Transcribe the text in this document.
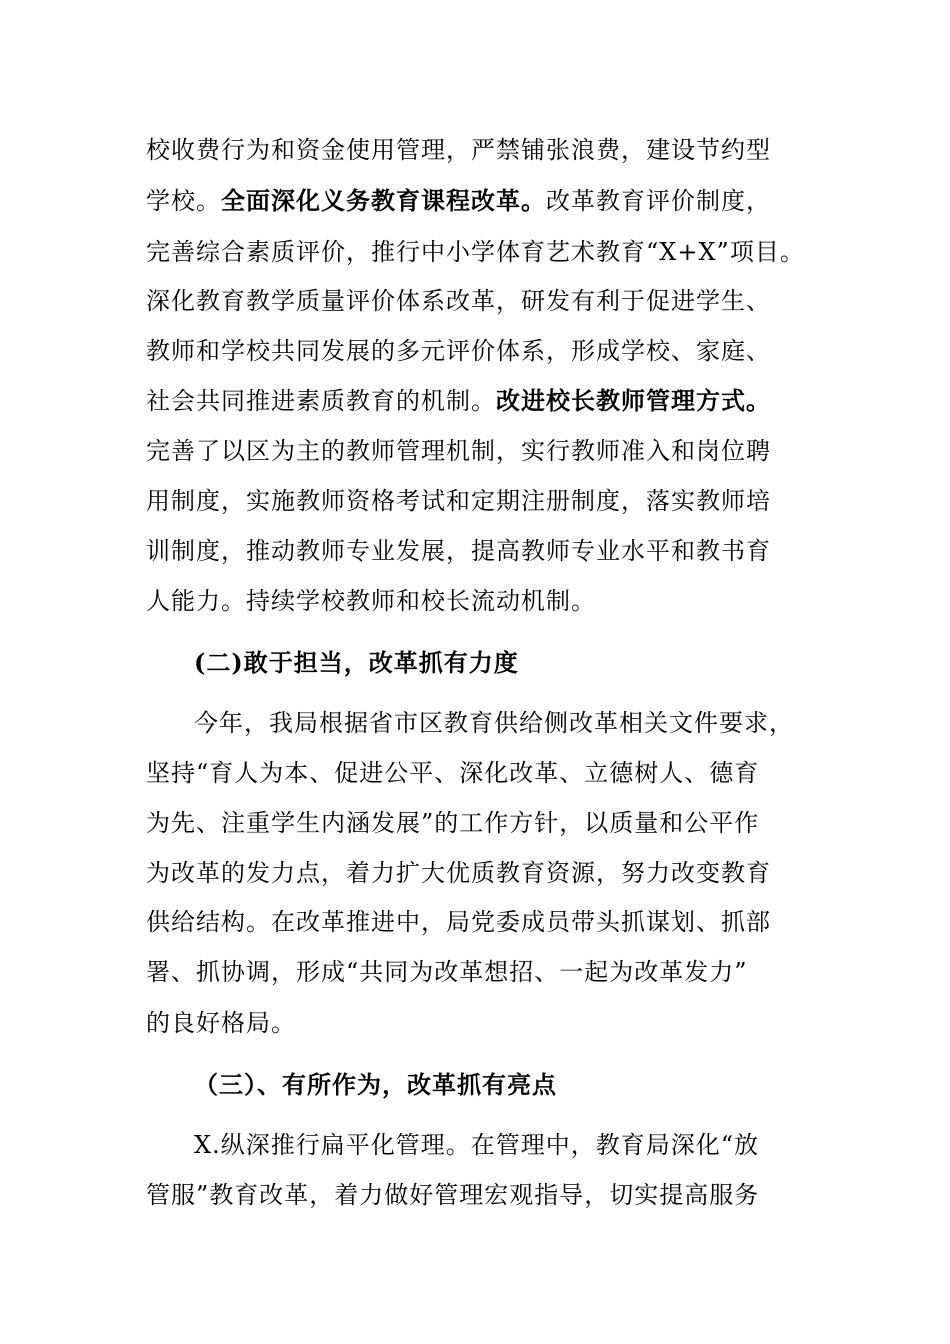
校收费行为和资金使用管理，严禁铺张浪费，建设节约型
学校。全面深化义务教育课程改革。改革教育评价制度，
完善综合素质评价，推行中小学体育艺术教育“X+X”项目。
深化教育教学质量评价体系改革，研发有利于促进学生、
教师和学校共同发展的多元评价体系，形成学校、家庭、
社会共同推进素质教育的机制。改进校长教师管理方式。
完善了以区为主的教师管理机制，实行教师准入和岗位聘
用制度，实施教师资格考试和定期注册制度，落实教师培
训制度，推动教师专业发展，提高教师专业水平和教书育
人能力。持续学校教师和校长流动机制。
(二)敢于担当，改革抓有力度
今年，我局根据省市区教育供给侧改革相关文件要求，
坚持“育人为本、促进公平、深化改革、立德树人、德育
为先、注重学生内涵发展”的工作方针，以质量和公平作
为改革的发力点，着力扩大优质教育资源，努力改变教育
供给结构。在改革推进中，局党委成员带头抓谋划、抓部
署、抓协调，形成“共同为改革想招、一起为改革发力”
的良好格局。
（三）、有所作为，改革抓有亮点
X.纵深推行扁平化管理。在管理中，教育局深化“放
管服”教育改革，着力做好管理宏观指导，切实提高服务
